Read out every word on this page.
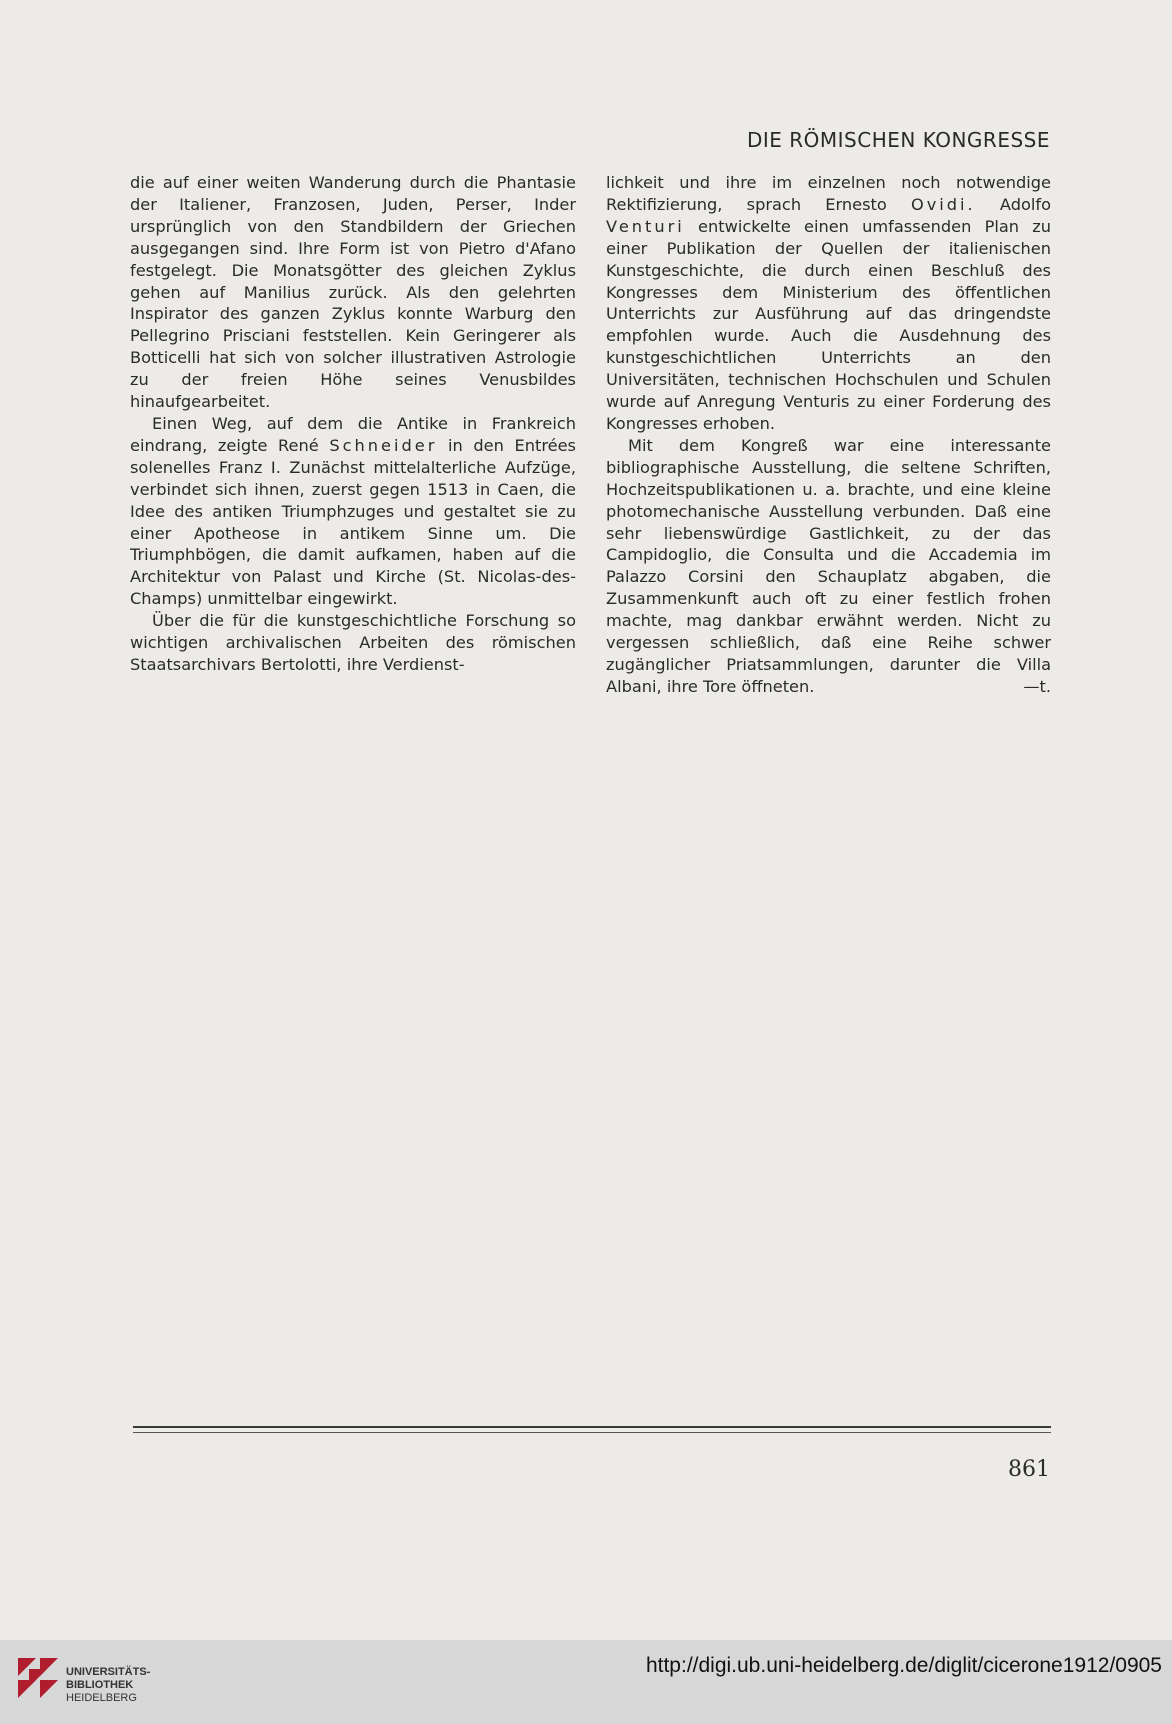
DIE RÖMISCHEN KONGRESSE

die auf einer weiten Wanderung durch die Phantasie der Italiener, Franzosen, Juden, Perser, Inder ursprünglich von den Standbildern der Griechen ausgegangen sind. Ihre Form ist von Pietro d'Afano festgelegt. Die Monatsgötter des gleichen Zyklus gehen auf Manilius zurück. Als den gelehrten Inspirator des ganzen Zyklus konnte Warburg den Pellegrino Prisciani feststellen. Kein Geringerer als Botticelli hat sich von solcher illustrativen Astrologie zu der freien Höhe seines Venusbildes hinaufgearbeitet.

Einen Weg, auf dem die Antike in Frankreich eindrang, zeigte René Schneider in den Entrées solenelles Franz I. Zunächst mittelalterliche Aufzüge, verbindet sich ihnen, zuerst gegen 1513 in Caen, die Idee des antiken Triumphzuges und gestaltet sie zu einer Apotheose in antikem Sinne um. Die Triumphbögen, die damit aufkamen, haben auf die Architektur von Palast und Kirche (St. Nicolas-des-Champs) unmittelbar eingewirkt.

Über die für die kunstgeschichtliche Forschung so wichtigen archivalischen Arbeiten des römischen Staatsarchivars Bertolotti, ihre Verdienst-

lichkeit und ihre im einzelnen noch notwendige Rektifizierung, sprach Ernesto Ovidi. Adolfo Venturi entwickelte einen umfassenden Plan zu einer Publikation der Quellen der italienischen Kunstgeschichte, die durch einen Beschluß des Kongresses dem Ministerium des öffentlichen Unterrichts zur Ausführung auf das dringendste empfohlen wurde. Auch die Ausdehnung des kunstgeschichtlichen Unterrichts an den Universitäten, technischen Hochschulen und Schulen wurde auf Anregung Venturis zu einer Forderung des Kongresses erhoben.

Mit dem Kongreß war eine interessante bibliographische Ausstellung, die seltene Schriften, Hochzeitspublikationen u. a. brachte, und eine kleine photomechanische Ausstellung verbunden. Daß eine sehr liebenswürdige Gastlichkeit, zu der das Campidoglio, die Consulta und die Accademia im Palazzo Corsini den Schauplatz abgaben, die Zusammenkunft auch oft zu einer festlich frohen machte, mag dankbar erwähnt werden. Nicht zu vergessen schließlich, daß eine Reihe schwer zugänglicher Priatsammlungen, darunter die Villa Albani, ihre Tore öffneten.	—t.

861
UNIVERSITÄTS-
BIBLIOTHEK
HEIDELBERG
http://digi.ub.uni-heidelberg.de/diglit/cicerone1912/0905
